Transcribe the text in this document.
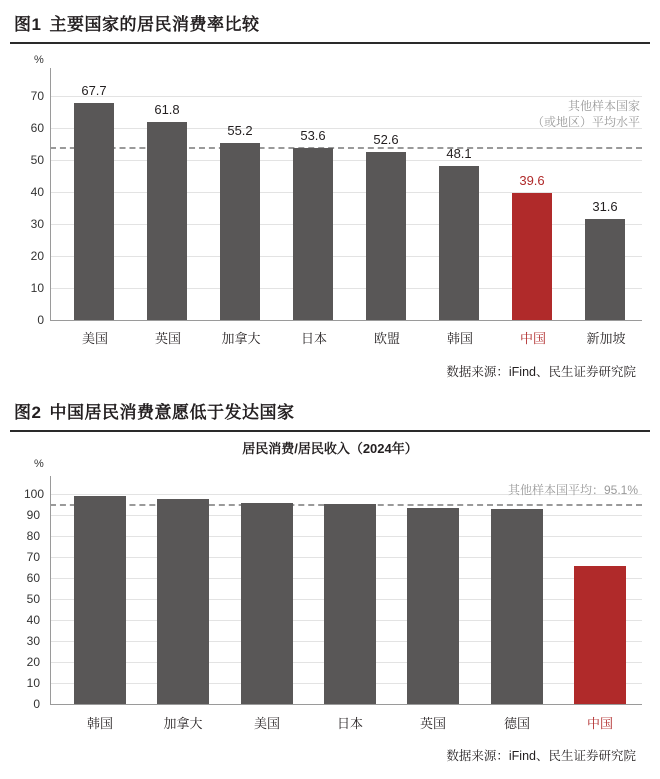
图1 主要国家的居民消费率比较
%
0
10
20
30
40
50
60
70
其他样本国家
（或地区）平均水平
67.7
61.8
55.2	53.6	52.6
48.1
39.6
31.6
美国	英国	加拿大	日本	欧盟	韩国	中国	新加坡
数据来源：iFind、民生证券研究院
图2 中国居民消费意愿低于发达国家
居民消费/居民收入（2024年）
%
0
10
20
30
40
50
60
70
80
90
100	其他样本国平均：95.1%
韩国	加拿大	美国	日本	英国	德国	中国
数据来源：iFind、民生证券研究院
